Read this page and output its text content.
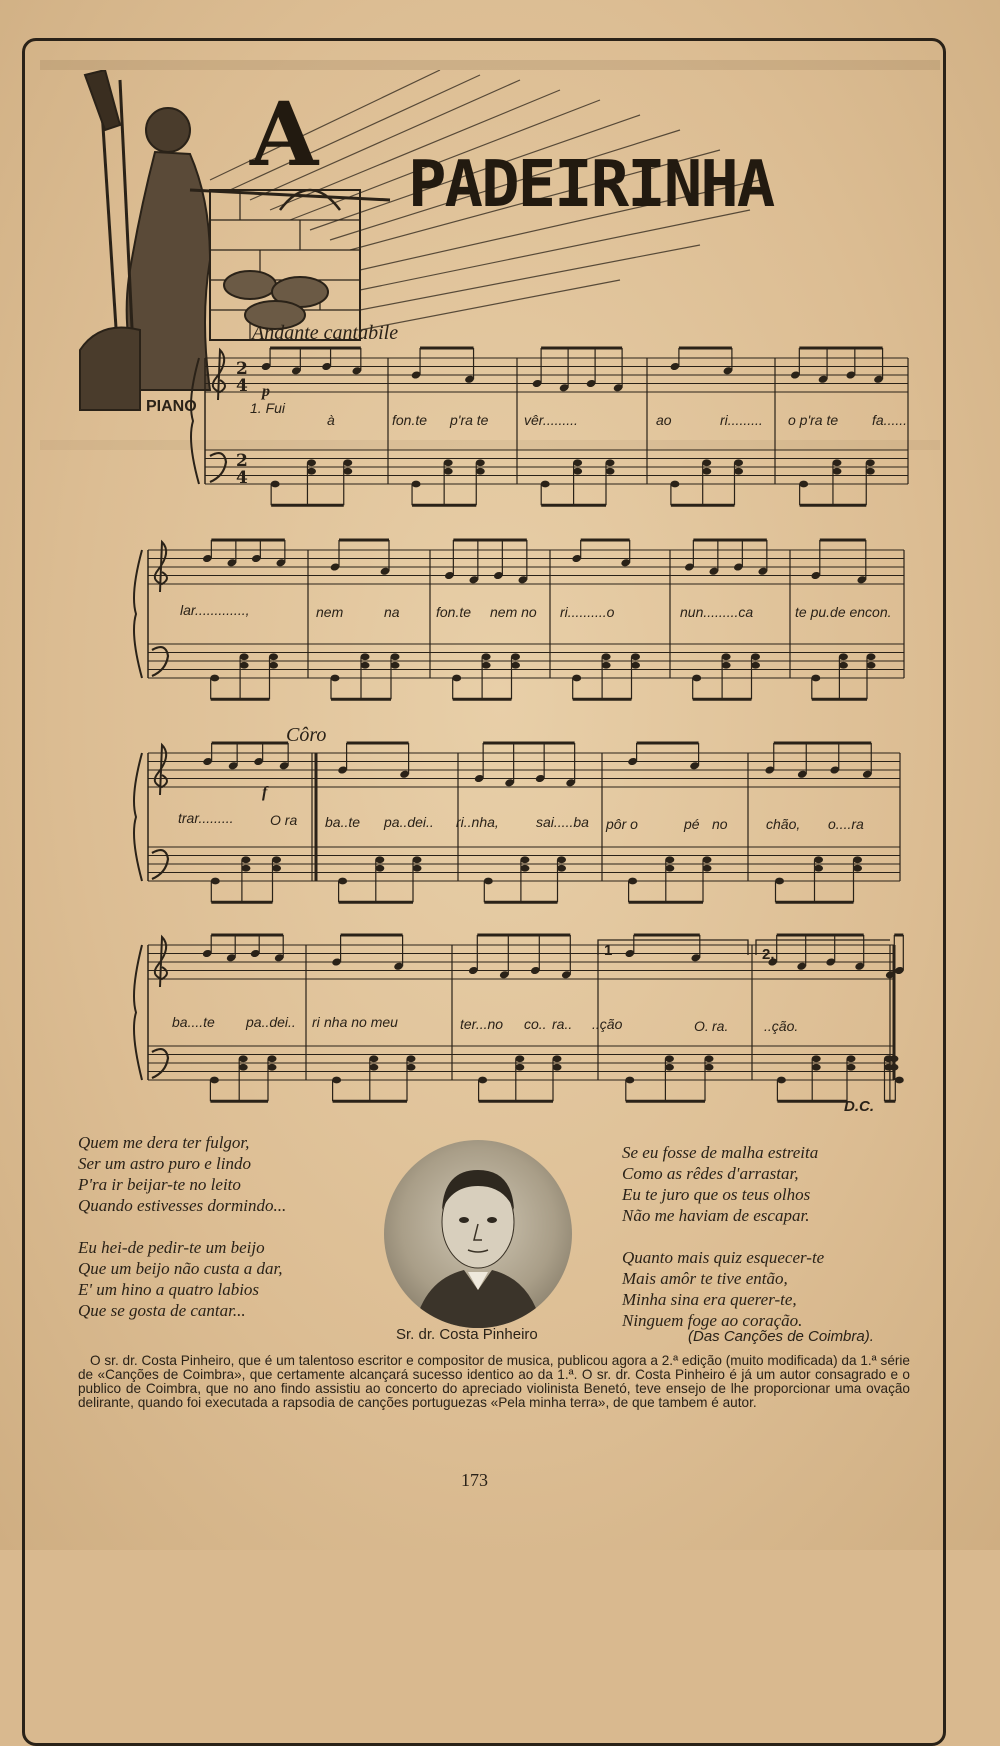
A PADEIRINHA
Andante cantabile
PIANO
2
2
4
4
p
f
Côro
1	2.
D.C.
1. Fui
à	fon.te p'ra te	vêr.........	ao	ri......... o p'ra te fa......
lar.............,	nem	na	fon.te nem no ri..........o	nun.........ca	te pu.de encon.
trar.........	O ra ba..te pa..dei.. ri..nha,	sai.....ba pôr o	pé no	chão, o....ra
ba....te pa..dei.. ri nha no meu	ter...no co.. ra.. ..ção	O. ra.	..ção.
Quem me dera ter fulgor,
Ser um astro puro e lindo
P'ra ir beijar-te no leito
Quando estivesses dormindo...
Eu hei-de pedir-te um beijo
Que um beijo não custa a dar,
E' um hino a quatro labios
Que se gosta de cantar...
Sr. dr. Costa Pinheiro
Se eu fosse de malha estreita
Como as rêdes d'arrastar,
Eu te juro que os teus olhos
Não me haviam de escapar.
Quanto mais quiz esquecer-te
Mais amôr te tive então,
Minha sina era querer-te,
Ninguem foge ao coração.
(Das Canções de Coimbra).
O sr. dr. Costa Pinheiro, que é um talentoso escritor e compositor de musica, publicou agora a 2.ª edição (muito modificada) da 1.ª série de «Canções de Coimbra», que certamente alcançará sucesso identico ao da 1.ª. O sr. dr. Costa Pinheiro é já um autor consagrado e o publico de Coimbra, que no ano findo assistiu ao concerto do apreciado violinista Benetó, teve ensejo de lhe proporcionar uma ovação delirante, quando foi executada a rapsodia de canções portuguezas «Pela minha terra», de que tambem é autor.
173
